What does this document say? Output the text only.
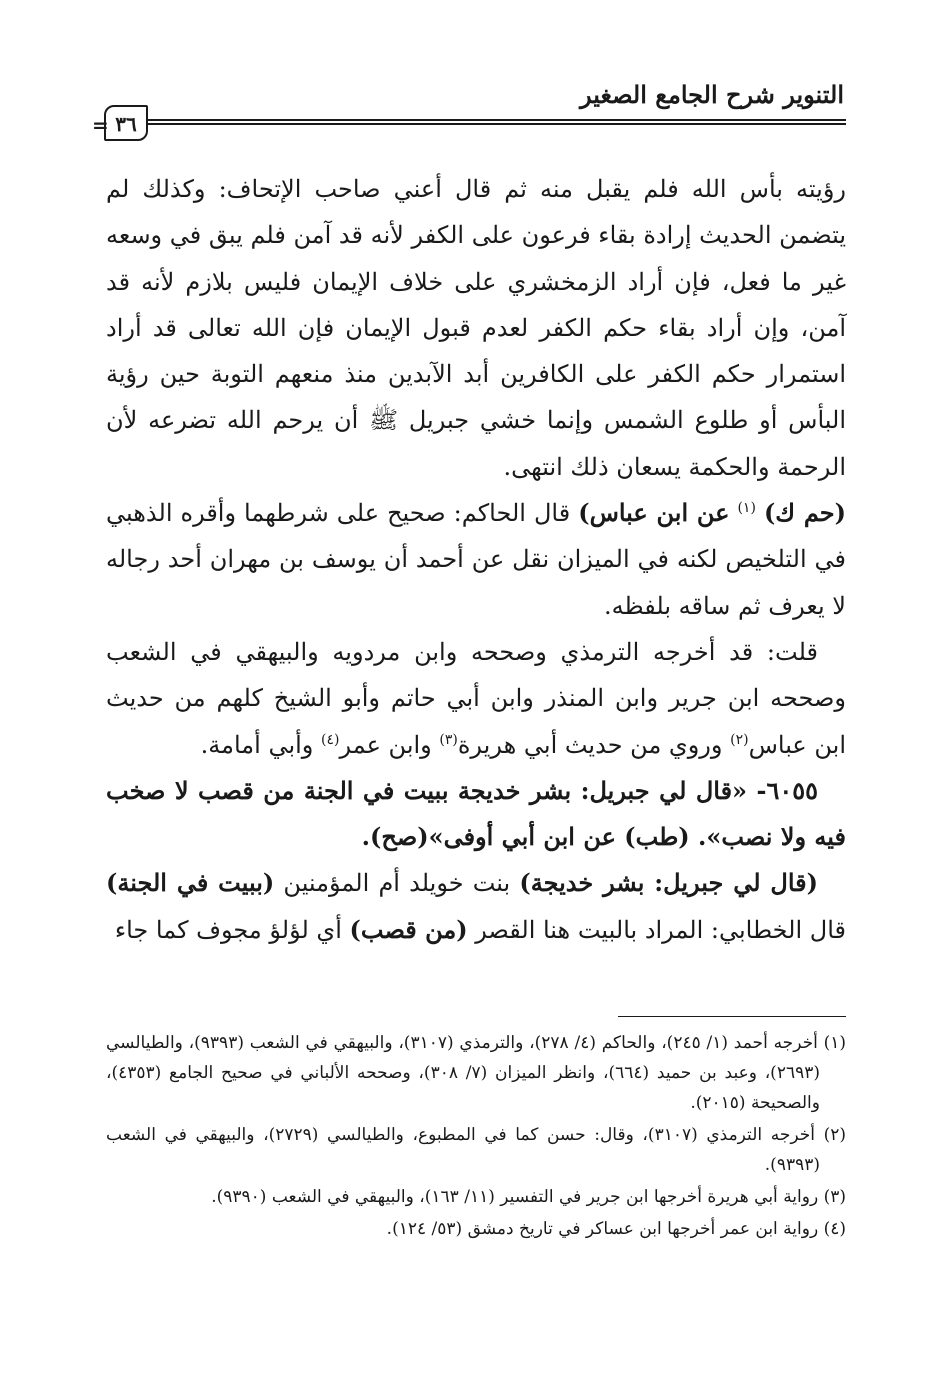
التنوير شرح الجامع الصغير
٣٦
=

رؤيته بأس الله فلم يقبل منه ثم قال أعني صاحب الإتحاف: وكذلك لم يتضمن الحديث إرادة بقاء فرعون على الكفر لأنه قد آمن فلم يبق في وسعه غير ما فعل، فإن أراد الزمخشري على خلاف الإيمان فليس بلازم لأنه قد آمن، وإن أراد بقاء حكم الكفر لعدم قبول الإيمان فإن الله تعالى قد أراد استمرار حكم الكفر على الكافرين أبد الآبدين منذ منعهم التوبة حين رؤية البأس أو طلوع الشمس وإنما خشي جبريل ﷺ أن يرحم الله تضرعه لأن الرحمة والحكمة يسعان ذلك انتهى.

(حم ك) $^{(١)}$ عن ابن عباس) قال الحاكم: صحيح على شرطهما وأقره الذهبي في التلخيص لكنه في الميزان نقل عن أحمد أن يوسف بن مهران أحد رجاله لا يعرف ثم ساقه بلفظه.

قلت: قد أخرجه الترمذي وصححه وابن مردويه والبيهقي في الشعب وصححه ابن جرير وابن المنذر وابن أبي حاتم وأبو الشيخ كلهم من حديث ابن عباس$^{(٢)}$ وروي من حديث أبي هريرة$^{(٣)}$ وابن عمر$^{(٤)}$ وأبي أمامة.

٦٠٥٥- «قال لي جبريل: بشر خديجة ببيت في الجنة من قصب لا صخب فيه ولا نصب». (طب) عن ابن أبي أوفى»(صح).

(قال لي جبريل: بشر خديجة) بنت خويلد أم المؤمنين (ببيت في الجنة) قال الخطابي: المراد بالبيت هنا القصر (من قصب) أي لؤلؤ مجوف كما جاء

(١) أخرجه أحمد (١/ ٢٤٥)، والحاكم (٤/ ٢٧٨)، والترمذي (٣١٠٧)، والبيهقي في الشعب (٩٣٩٣)، والطيالسي (٢٦٩٣)، وعبد بن حميد (٦٦٤)، وانظر الميزان (٧/ ٣٠٨)، وصححه الألباني في صحيح الجامع (٤٣٥٣)، والصحيحة (٢٠١٥).

(٢) أخرجه الترمذي (٣١٠٧)، وقال: حسن كما في المطبوع، والطيالسي (٢٧٢٩)، والبيهقي في الشعب (٩٣٩٣).

(٣) رواية أبي هريرة أخرجها ابن جرير في التفسير (١١/ ١٦٣)، والبيهقي في الشعب (٩٣٩٠).

(٤) رواية ابن عمر أخرجها ابن عساكر في تاريخ دمشق (٥٣/ ١٢٤).
